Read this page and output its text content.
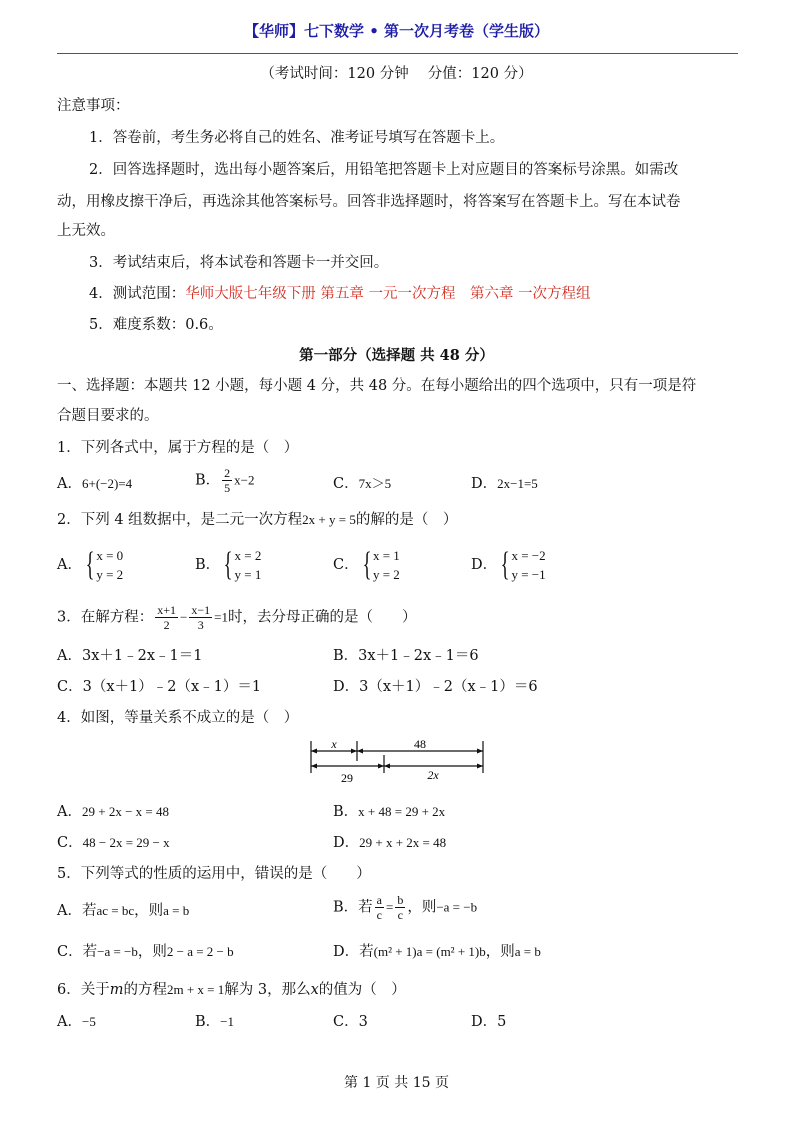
【华师】七下数学 • 第一次月考卷（学生版）
（考试时间：120 分钟　 分值：120 分）
注意事项：
1．答卷前，考生务必将自己的姓名、准考证号填写在答题卡上。
2．回答选择题时，选出每小题答案后，用铅笔把答题卡上对应题目的答案标号涂黑。如需改
动，用橡皮擦干净后，再选涂其他答案标号。回答非选择题时，将答案写在答题卡上。写在本试卷
上无效。
3．考试结束后，将本试卷和答题卡一并交回。
4．测试范围：华师大版七年级下册 第五章 一元一次方程　第六章 一次方程组
5．难度系数：0.6。
第一部分（选择题 共 48 分）
一、选择题：本题共 12 小题，每小题 4 分，共 48 分。在每小题给出的四个选项中，只有一项是符
合题目要求的。
1．下列各式中，属于方程的是（　）
A．6+(−2)=4	B． $\frac{2}{5} x-2$	C．7x＞5	D．2x−1=5
2．下列 4 组数据中，是二元一次方程2x + y = 5的解的是（　）
A． { x = 0
y = 2
B． { x = 2
y = 1
C． { x = 1
y = 2
D． { x = −2
y = −1
3．在解方程： $\frac{x+1}{2} - \frac{x-1}{3} =1$时，去分母正确的是（　　）
A．3x＋1﹣2x﹣1＝1	B．3x＋1﹣2x﹣1＝6
C．3（x＋1）﹣2（x﹣1）＝1	D．3（x＋1）﹣2（x﹣1）＝6
4．如图，等量关系不成立的是（　）
x	48
29	2x
A．29 + 2x − x = 48	B．x + 48 = 29 + 2x
C．48 − 2x = 29 − x	D．29 + x + 2x = 48
5．下列等式的性质的运用中，错误的是（　　）
A．若ac = bc，则a = b	B．若 $\frac{a}{c} = \frac{b}{c}$ ，则−a = −b
C．若−a = −b，则2 − a = 2 − b	D．若(m² + 1)a = (m² + 1)b，则a = b
6．关于m的方程2m + x = 1解为 3，那么x的值为（　）
A．−5	B．−1	C．3	D．5
第 1 页 共 15 页
